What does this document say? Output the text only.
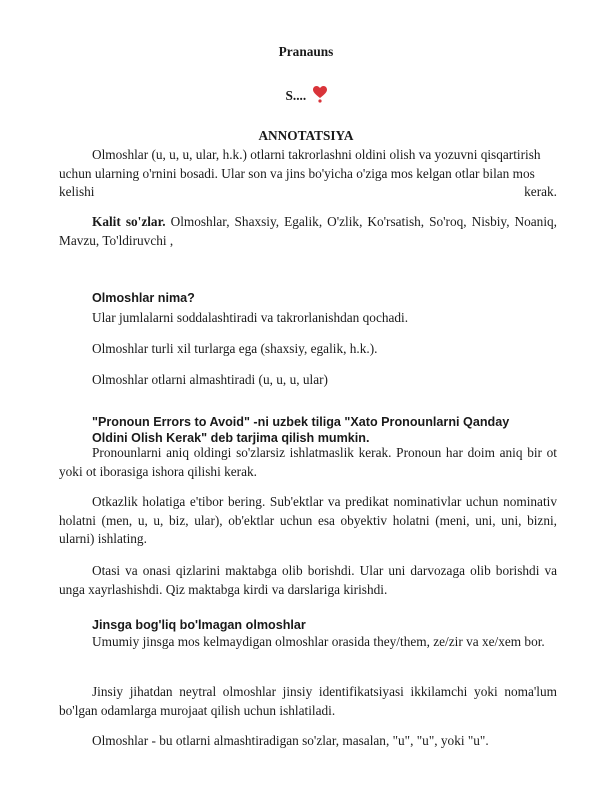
Pranauns
S....
ANNOTATSIYA
Olmoshlar (u, u, u, ular, h.k.) otlarni takrorlashni oldini olish va yozuvni qisqartirish
uchun ularning o'rnini bosadi. Ular son va jins bo'yicha o'ziga mos kelgan otlar bilan mos
kelishi	kerak.

Kalit so'zlar. Olmoshlar, Shaxsiy, Egalik, O'zlik, Ko'rsatish, So'roq, Nisbiy, Noaniq, Mavzu, To'ldiruvchi ,

Olmoshlar nima?
Ular jumlalarni soddalashtiradi va takrorlanishdan qochadi.
Olmoshlar turli xil turlarga ega (shaxsiy, egalik, h.k.).
Olmoshlar otlarni almashtiradi (u, u, u, ular)
"Pronoun Errors to Avoid" -ni uzbek tiliga "Xato Pronounlarni Qanday
Oldini Olish Kerak" deb tarjima qilish mumkin.

Pronounlarni aniq oldingi so'zlarsiz ishlatmaslik kerak. Pronoun har doim aniq bir ot yoki ot iborasiga ishora qilishi kerak.

Otkazlik holatiga e'tibor bering. Sub'ektlar va predikat nominativlar uchun nominativ holatni (men, u, u, biz, ular), ob'ektlar uchun esa obyektiv holatni (meni, uni, uni, bizni, ularni) ishlating.

Otasi va onasi qizlarini maktabga olib borishdi. Ular uni darvozaga olib borishdi va unga xayrlashishdi. Qiz maktabga kirdi va darslariga kirishdi.

Jinsga bog'liq bo'lmagan olmoshlar

Umumiy jinsga mos kelmaydigan olmoshlar orasida they/them, ze/zir va xe/xem bor.

Jinsiy jihatdan neytral olmoshlar jinsiy identifikatsiyasi ikkilamchi yoki noma'lum bo'lgan odamlarga murojaat qilish uchun ishlatiladi.

Olmoshlar - bu otlarni almashtiradigan so'zlar, masalan, "u", "u", yoki "u".
